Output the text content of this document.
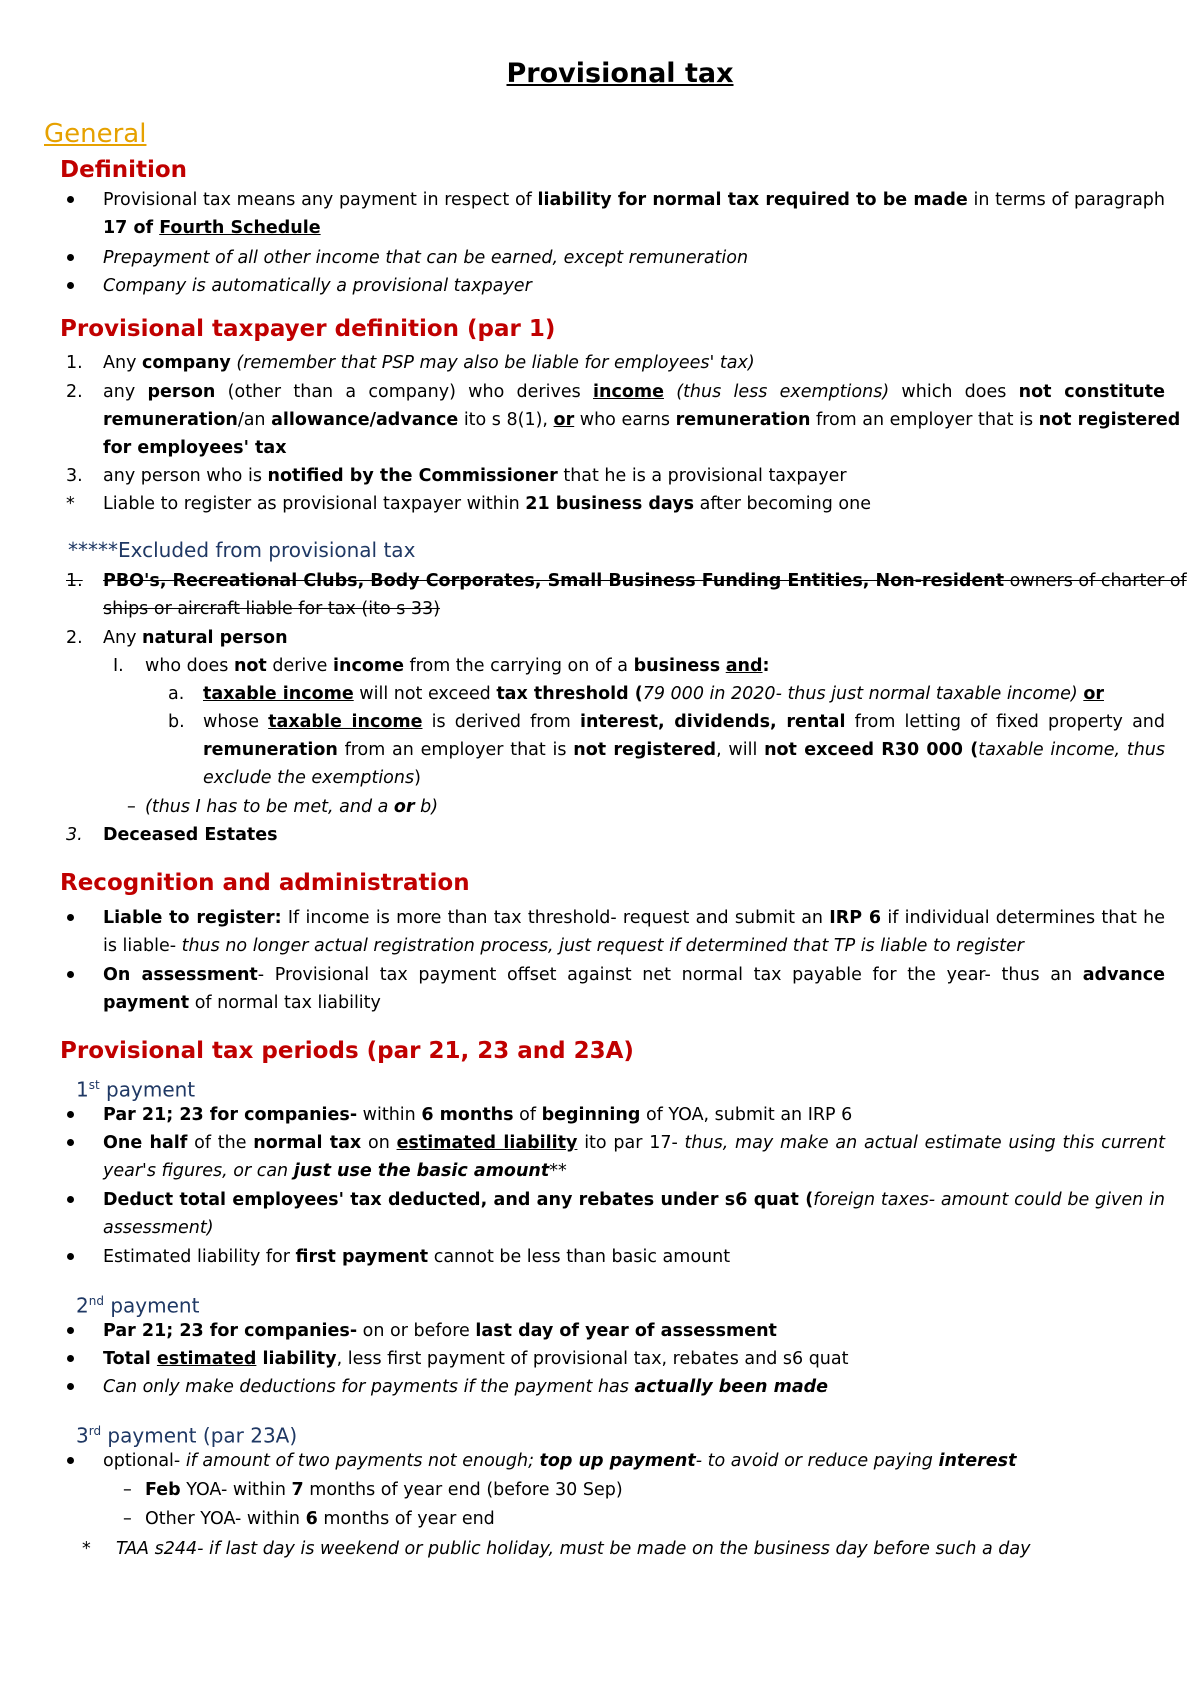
Provisional tax
General
Definition
Provisional tax means any payment in respect of liability for normal tax required to be made in terms of paragraph
17 of Fourth Schedule
Prepayment of all other income that can be earned, except remuneration
Company is automatically a provisional taxpayer
Provisional taxpayer definition (par 1)
1. Any company (remember that PSP may also be liable for employees' tax)
2. any person (other than a company) who derives income (thus less exemptions) which does not constitute
remuneration/an allowance/advance ito s 8(1), or who earns remuneration from an employer that is not registered
for employees' tax
3. any person who is notified by the Commissioner that he is a provisional taxpayer
* Liable to register as provisional taxpayer within 21 business days after becoming one
*****Excluded from provisional tax
1. PBO's, Recreational Clubs, Body Corporates, Small Business Funding Entities, Non-resident owners of charter of
ships or aircraft liable for tax (ito s 33)
2. Any natural person
I. who does not derive income from the carrying on of a business and:
a. taxable income will not exceed tax threshold (79 000 in 2020- thus just normal taxable income) or
b. whose taxable income is derived from interest, dividends, rental from letting of fixed property and
remuneration from an employer that is not registered, will not exceed R30 000 (taxable income, thus
exclude the exemptions)
– (thus I has to be met, and a or b)
3. Deceased Estates
Recognition and administration
Liable to register: If income is more than tax threshold- request and submit an IRP 6 if individual determines that he
is liable- thus no longer actual registration process, just request if determined that TP is liable to register
On assessment- Provisional tax payment offset against net normal tax payable for the year- thus an advance
payment of normal tax liability
Provisional tax periods (par 21, 23 and 23A)
1st payment
Par 21; 23 for companies- within 6 months of beginning of YOA, submit an IRP 6
One half of the normal tax on estimated liability ito par 17- thus, may make an actual estimate using this current
year's figures, or can just use the basic amount**
Deduct total employees' tax deducted, and any rebates under s6 quat (foreign taxes- amount could be given in
assessment)
Estimated liability for first payment cannot be less than basic amount
2nd payment
Par 21; 23 for companies- on or before last day of year of assessment
Total estimated liability, less first payment of provisional tax, rebates and s6 quat
Can only make deductions for payments if the payment has actually been made
3rd payment (par 23A)
optional- if amount of two payments not enough; top up payment- to avoid or reduce paying interest
– Feb YOA- within 7 months of year end (before 30 Sep)
– Other YOA- within 6 months of year end
* TAA s244- if last day is weekend or public holiday, must be made on the business day before such a day
